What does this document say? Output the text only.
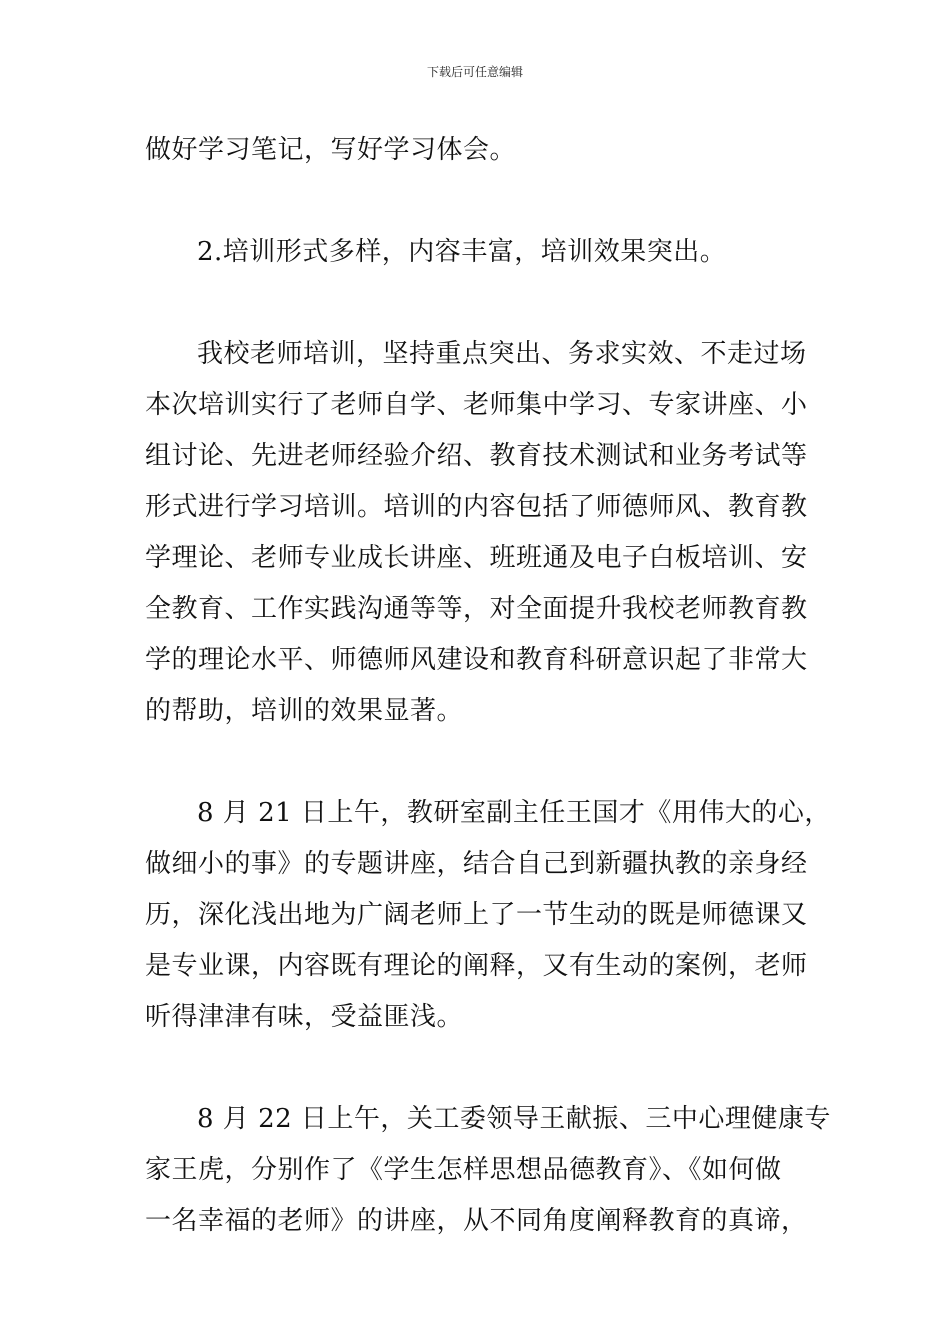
下载后可任意编辑
做好学习笔记，写好学习体会。
2.培训形式多样，内容丰富，培训效果突出。
我校老师培训，坚持重点突出、务求实效、不走过场
本次培训实行了老师自学、老师集中学习、专家讲座、小
组讨论、先进老师经验介绍、教育技术测试和业务考试等
形式进行学习培训。培训的内容包括了师德师风、教育教
学理论、老师专业成长讲座、班班通及电子白板培训、安
全教育、工作实践沟通等等，对全面提升我校老师教育教
学的理论水平、师德师风建设和教育科研意识起了非常大
的帮助，培训的效果显著。
8 月 21 日上午，教研室副主任王国才《用伟大的心，
做细小的事》的专题讲座，结合自己到新疆执教的亲身经
历，深化浅出地为广阔老师上了一节生动的既是师德课又
是专业课，内容既有理论的阐释，又有生动的案例，老师
听得津津有味，受益匪浅。
8 月 22 日上午，关工委领导王献振、三中心理健康专
家王虎，分别作了《学生怎样思想品德教育》、《如何做
一名幸福的老师》的讲座，从不同角度阐释教育的真谛，
